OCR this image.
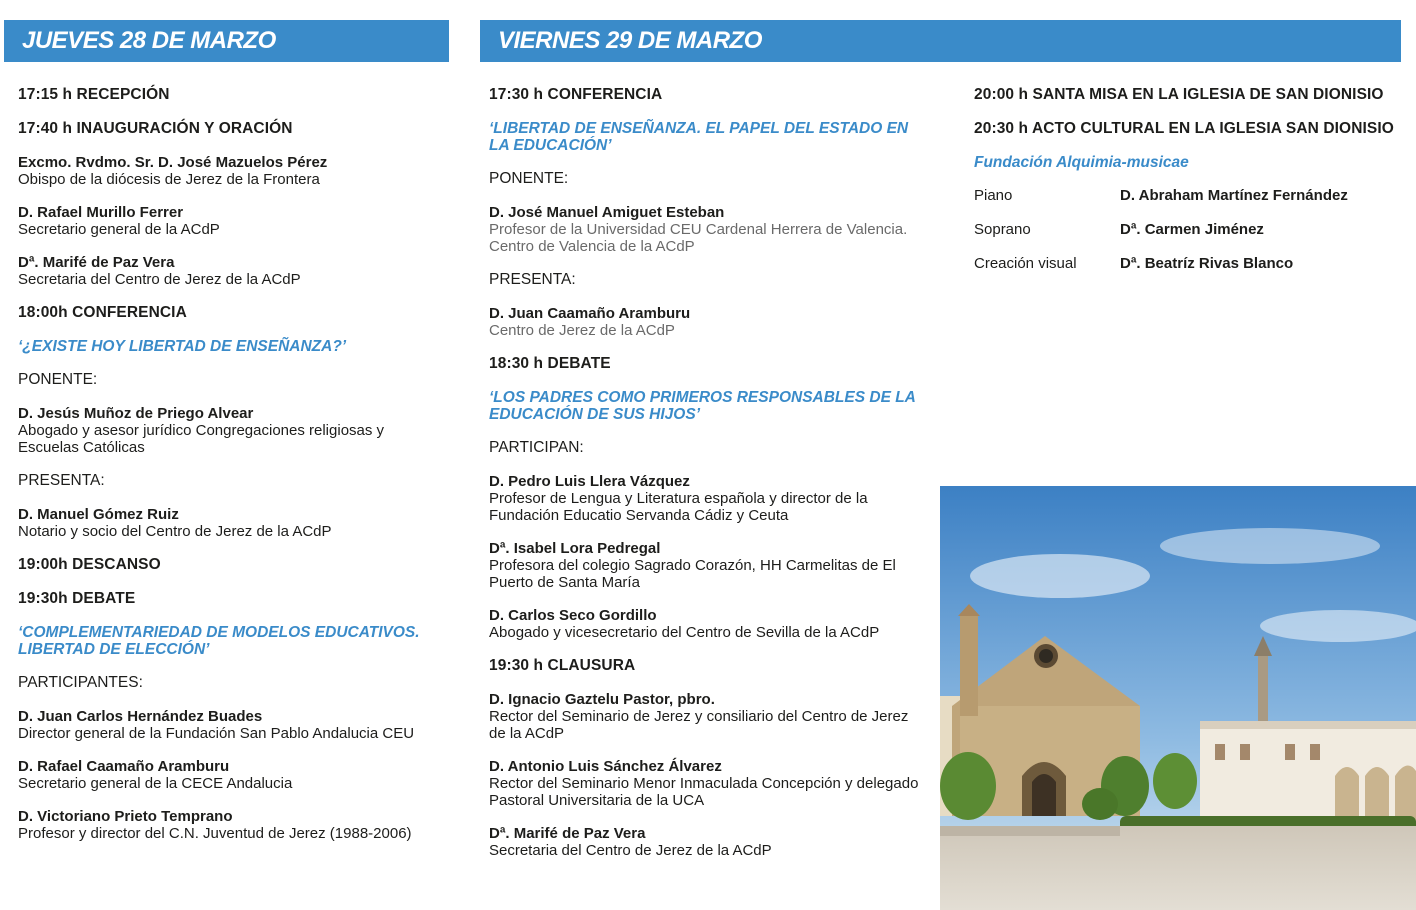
JUEVES 28 DE MARZO	VIERNES 29 DE MARZO
17:15 h RECEPCIÓN
17:40 h INAUGURACIÓN Y ORACIÓN
Excmo. Rvdmo. Sr. D. José Mazuelos Pérez
Obispo de la diócesis de Jerez de la Frontera
D. Rafael Murillo Ferrer
Secretario general de la ACdP
Dª. Marifé de Paz Vera
Secretaria del Centro de Jerez de la ACdP
18:00h CONFERENCIA
‘¿EXISTE HOY LIBERTAD DE ENSEÑANZA?’
PONENTE:
D. Jesús Muñoz de Priego Alvear
Abogado y asesor jurídico Congregaciones religiosas y Escuelas Católicas
PRESENTA:
D. Manuel Gómez Ruiz
Notario y socio del Centro de Jerez de la ACdP
19:00h DESCANSO
19:30h DEBATE
‘COMPLEMENTARIEDAD DE MODELOS EDUCATIVOS. LIBERTAD DE ELECCIÓN’
PARTICIPANTES:
D. Juan Carlos Hernández Buades
Director general de la Fundación San Pablo Andalucia CEU
D. Rafael Caamaño Aramburu
Secretario general de la CECE Andalucia
D. Victoriano Prieto Temprano
Profesor y director del C.N. Juventud de Jerez (1988-2006)
17:30 h CONFERENCIA
‘LIBERTAD DE ENSEÑANZA. EL PAPEL DEL ESTADO EN LA EDUCACIÓN’
PONENTE:
D. José Manuel Amiguet Esteban
Profesor de la Universidad CEU Cardenal Herrera de Valencia. Centro de Valencia de la ACdP
PRESENTA:
D. Juan Caamaño Aramburu
Centro de Jerez de la ACdP
18:30 h DEBATE
‘LOS PADRES COMO PRIMEROS RESPONSABLES DE LA EDUCACIÓN DE SUS HIJOS’
PARTICIPAN:
D. Pedro Luis Llera Vázquez
Profesor de Lengua y Literatura española y director de la Fundación Educatio Servanda Cádiz y Ceuta
Dª. Isabel Lora Pedregal
Profesora del colegio Sagrado Corazón, HH Carmelitas de El Puerto de Santa María
D. Carlos Seco Gordillo
Abogado y vicesecretario del Centro de Sevilla de la ACdP
19:30 h CLAUSURA
D. Ignacio Gaztelu Pastor, pbro.
Rector del Seminario de Jerez y consiliario del Centro de Jerez de la ACdP
D. Antonio Luis Sánchez Álvarez
Rector del Seminario Menor Inmaculada Concepción y delegado Pastoral Universitaria de la UCA
Dª. Marifé de Paz Vera
Secretaria del Centro de Jerez de la ACdP
20:00 h SANTA MISA EN LA IGLESIA DE SAN DIONISIO
20:30 h ACTO CULTURAL EN LA IGLESIA SAN DIONISIO
Fundación Alquimia-musicae
Piano	D. Abraham Martínez Fernández
Soprano	Dª. Carmen Jiménez
Creación visual	Dª. Beatríz Rivas Blanco
